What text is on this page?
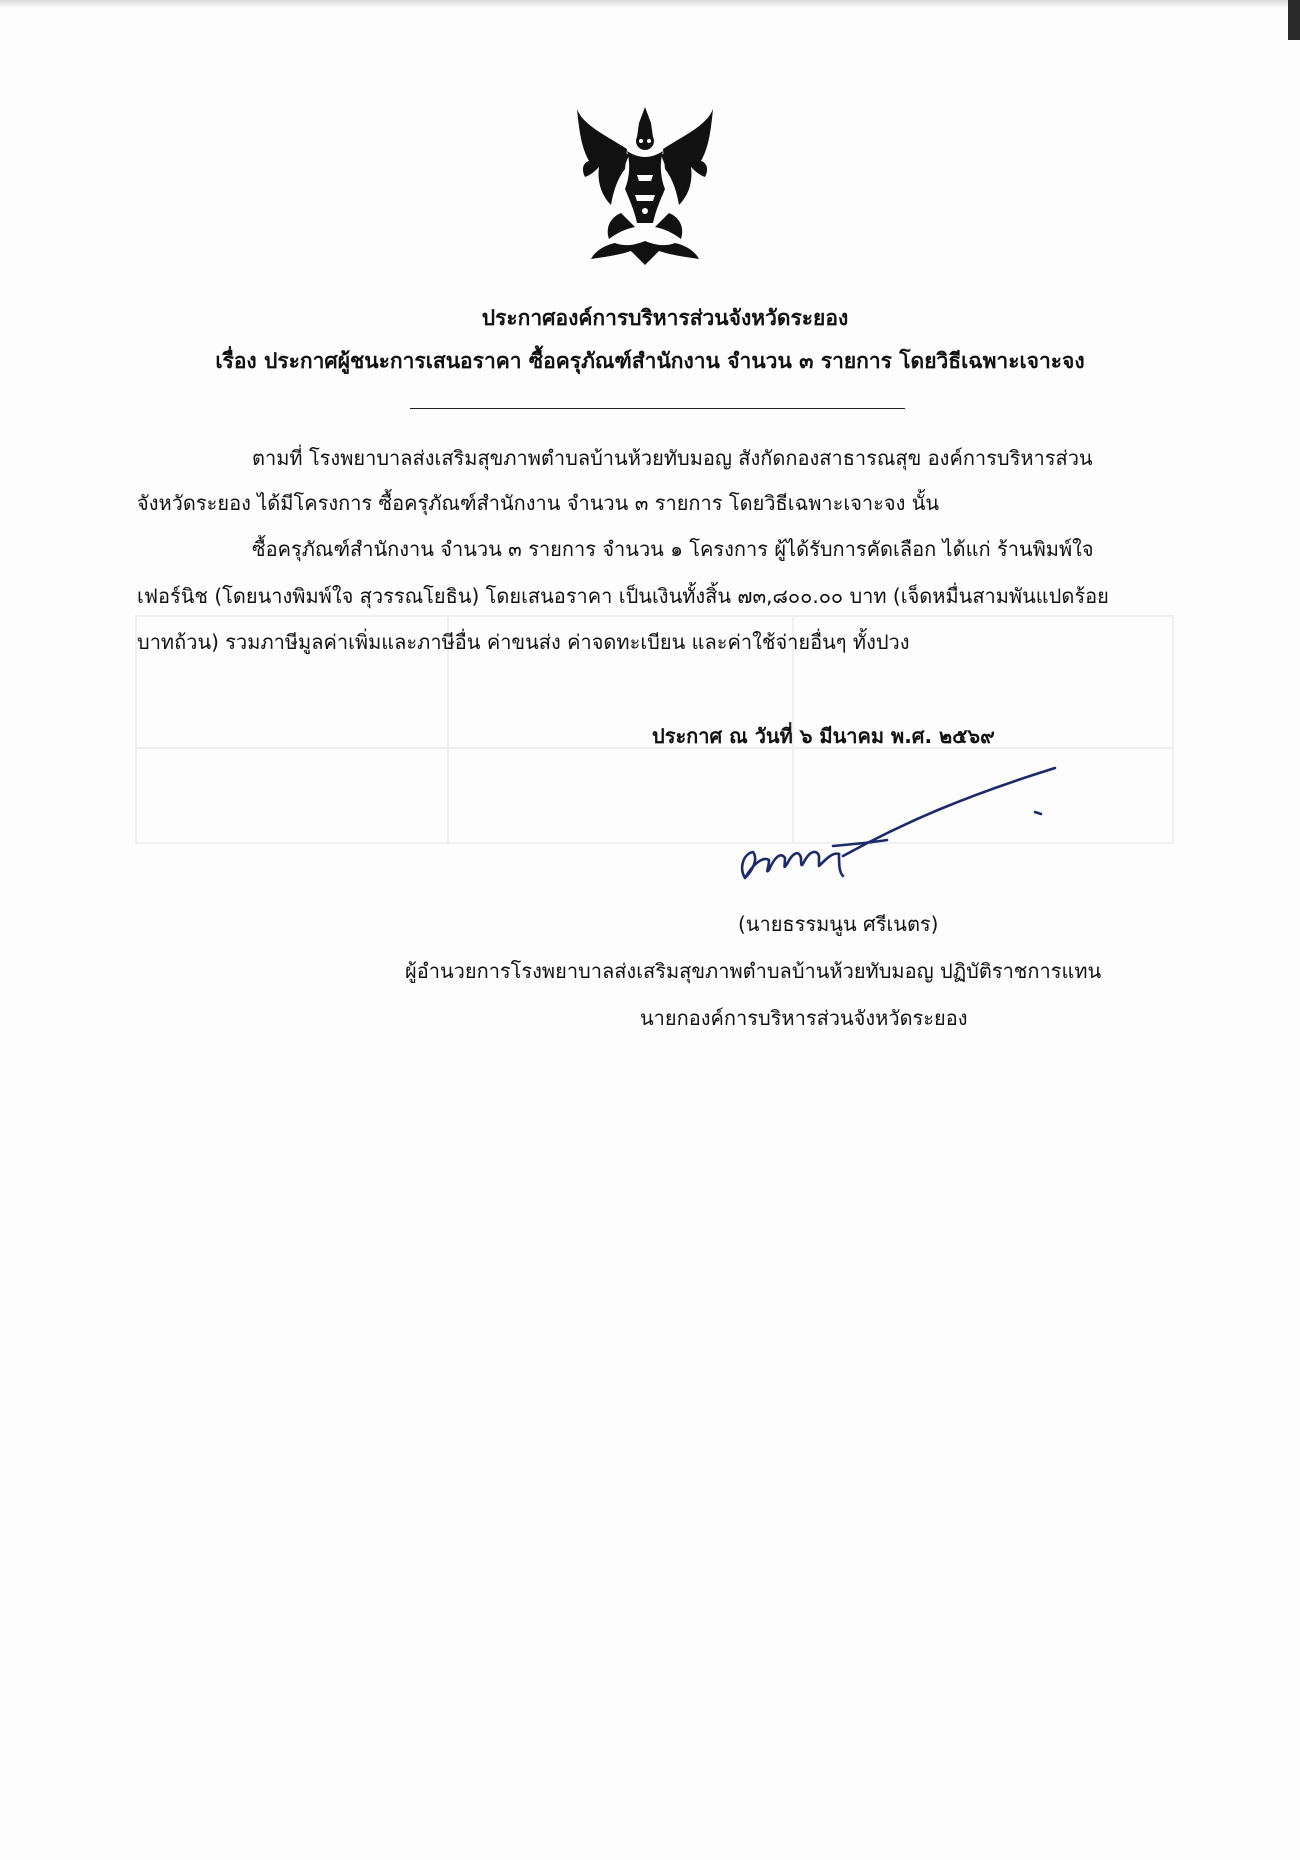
ประกาศองค์การบริหารส่วนจังหวัดระยอง
เรื่อง ประกาศผู้ชนะการเสนอราคา ซื้อครุภัณฑ์สำนักงาน จำนวน ๓ รายการ โดยวิธีเฉพาะเจาะจง
ตามที่ โรงพยาบาลส่งเสริมสุขภาพตำบลบ้านห้วยทับมอญ สังกัดกองสาธารณสุข องค์การบริหารส่วน
จังหวัดระยอง ได้มีโครงการ ซื้อครุภัณฑ์สำนักงาน จำนวน ๓ รายการ โดยวิธีเฉพาะเจาะจง นั้น
ซื้อครุภัณฑ์สำนักงาน จำนวน ๓ รายการ จำนวน ๑ โครงการ ผู้ได้รับการคัดเลือก ได้แก่ ร้านพิมพ์ใจ
เฟอร์นิช (โดยนางพิมพ์ใจ สุวรรณโยธิน) โดยเสนอราคา เป็นเงินทั้งสิ้น ๗๓,๘๐๐.๐๐ บาท (เจ็ดหมื่นสามพันแปดร้อย
บาทถ้วน) รวมภาษีมูลค่าเพิ่มและภาษีอื่น ค่าขนส่ง ค่าจดทะเบียน และค่าใช้จ่ายอื่นๆ ทั้งปวง
ประกาศ ณ วันที่ ๖ มีนาคม พ.ศ. ๒๕๖๙
(นายธรรมนูน ศรีเนตร)
ผู้อำนวยการโรงพยาบาลส่งเสริมสุขภาพตำบลบ้านห้วยทับมอญ ปฏิบัติราชการแทน
นายกองค์การบริหารส่วนจังหวัดระยอง
